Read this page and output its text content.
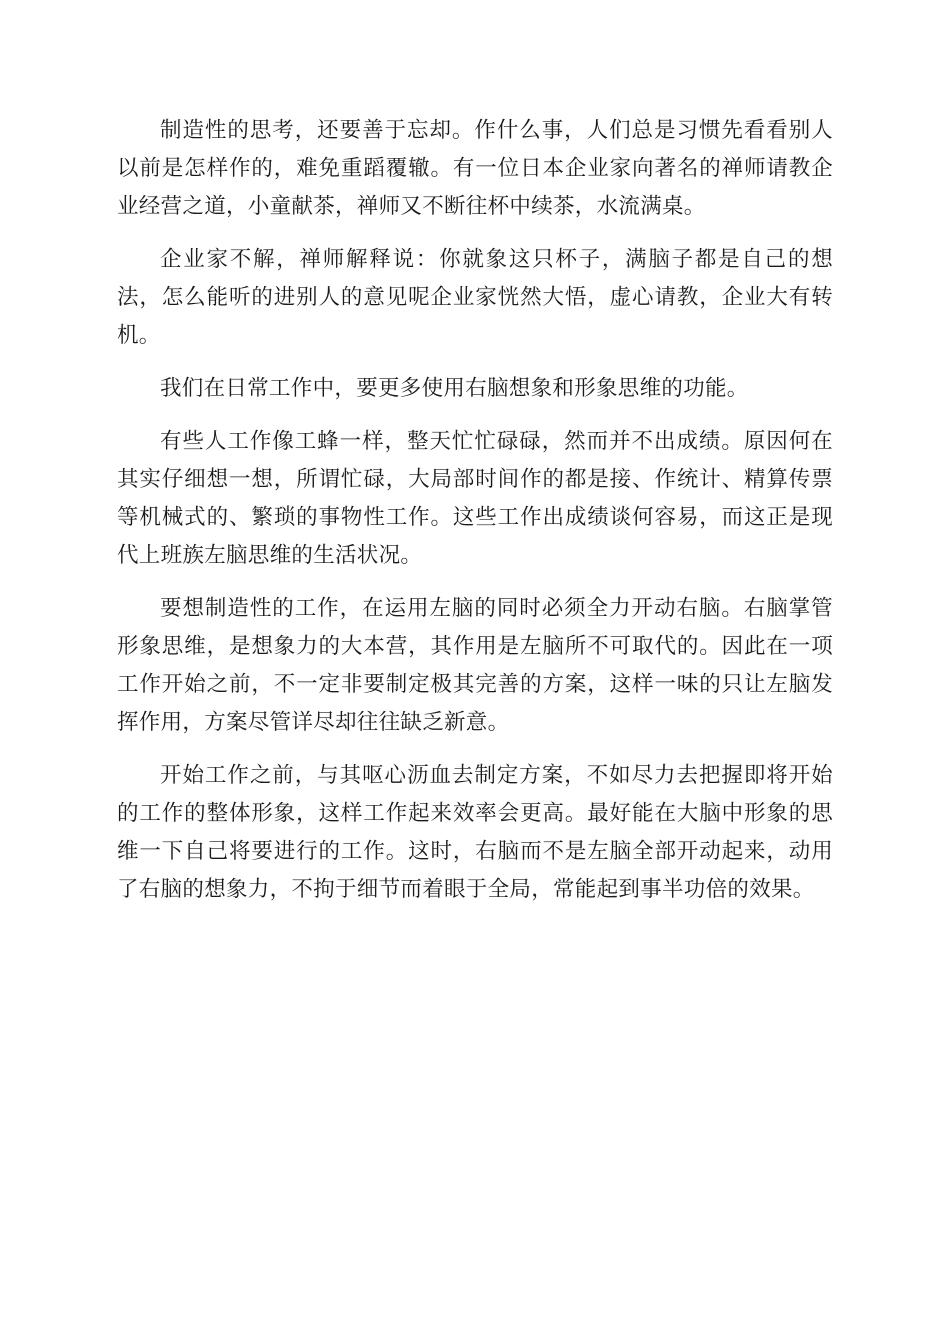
制造性的思考，还要善于忘却。作什么事，人们总是习惯先看看别人以前是怎样作的，难免重蹈覆辙。有一位日本企业家向著名的禅师请教企业经营之道，小童献茶，禅师又不断往杯中续茶，水流满桌。

企业家不解，禅师解释说：你就象这只杯子，满脑子都是自己的想法，怎么能听的进别人的意见呢企业家恍然大悟，虚心请教，企业大有转机。

我们在日常工作中，要更多使用右脑想象和形象思维的功能。

有些人工作像工蜂一样，整天忙忙碌碌，然而并不出成绩。原因何在其实仔细想一想，所谓忙碌，大局部时间作的都是接、作统计、精算传票等机械式的、繁琐的事物性工作。这些工作出成绩谈何容易，而这正是现代上班族左脑思维的生活状况。

要想制造性的工作，在运用左脑的同时必须全力开动右脑。右脑掌管形象思维，是想象力的大本营，其作用是左脑所不可取代的。因此在一项工作开始之前，不一定非要制定极其完善的方案，这样一味的只让左脑发挥作用，方案尽管详尽却往往缺乏新意。

开始工作之前，与其呕心沥血去制定方案，不如尽力去把握即将开始的工作的整体形象，这样工作起来效率会更高。最好能在大脑中形象的思维一下自己将要进行的工作。这时，右脑而不是左脑全部开动起来，动用了右脑的想象力，不拘于细节而着眼于全局，常能起到事半功倍的效果。
